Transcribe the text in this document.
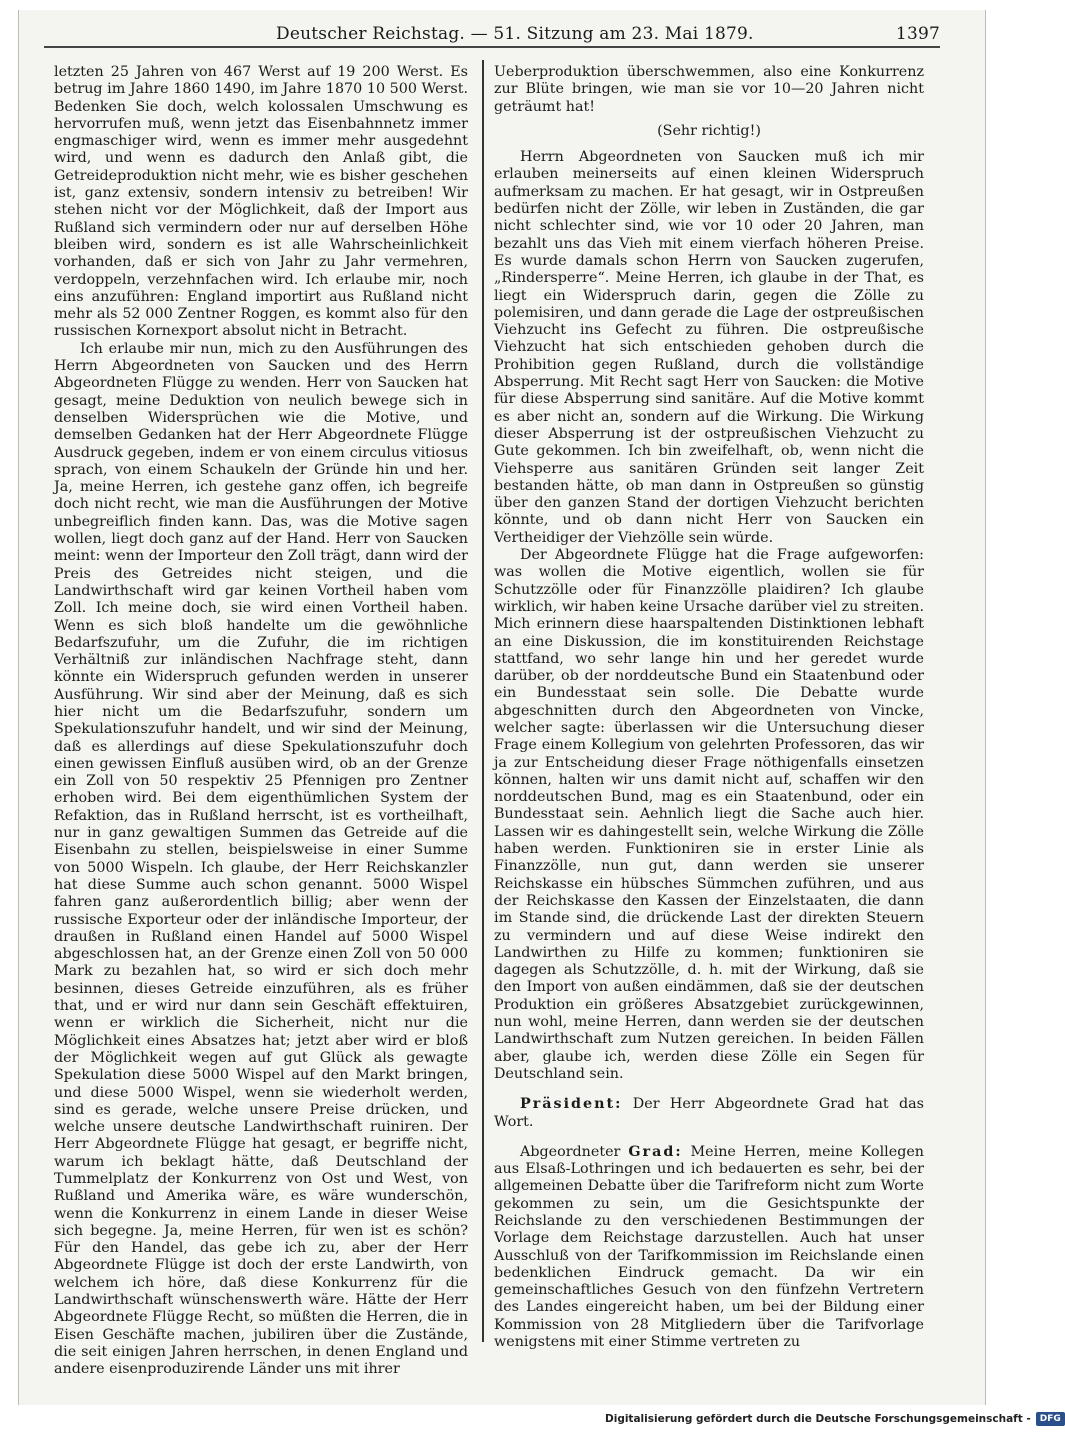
Deutscher Reichstag. — 51. Sitzung am 23. Mai 1879.	1397

letzten 25 Jahren von 467 Werst auf 19 200 Werst. Es betrug im Jahre 1860 1490, im Jahre 1870 10 500 Werst. Bedenken Sie doch, welch kolossalen Umschwung es hervorrufen muß, wenn jetzt das Eisenbahnnetz immer engmaschiger wird, wenn es immer mehr ausgedehnt wird, und wenn es dadurch den Anlaß gibt, die Getreideproduktion nicht mehr, wie es bisher geschehen ist, ganz extensiv, sondern intensiv zu betreiben! Wir stehen nicht vor der Möglichkeit, daß der Import aus Rußland sich vermindern oder nur auf derselben Höhe bleiben wird, sondern es ist alle Wahrscheinlichkeit vorhanden, daß er sich von Jahr zu Jahr vermehren, verdoppeln, verzehnfachen wird. Ich erlaube mir, noch eins anzuführen: England importirt aus Rußland nicht mehr als 52 000 Zentner Roggen, es kommt also für den russischen Kornexport absolut nicht in Betracht.

Ich erlaube mir nun, mich zu den Ausführungen des Herrn Abgeordneten von Saucken und des Herrn Abgeordneten Flügge zu wenden. Herr von Saucken hat gesagt, meine Deduktion von neulich bewege sich in denselben Widersprüchen wie die Motive, und demselben Gedanken hat der Herr Abgeordnete Flügge Ausdruck gegeben, indem er von einem circulus vitiosus sprach, von einem Schaukeln der Gründe hin und her. Ja, meine Herren, ich gestehe ganz offen, ich begreife doch nicht recht, wie man die Ausführungen der Motive unbegreiflich finden kann. Das, was die Motive sagen wollen, liegt doch ganz auf der Hand. Herr von Saucken meint: wenn der Importeur den Zoll trägt, dann wird der Preis des Getreides nicht steigen, und die Landwirthschaft wird gar keinen Vortheil haben vom Zoll. Ich meine doch, sie wird einen Vortheil haben. Wenn es sich bloß handelte um die gewöhnliche Bedarfszufuhr, um die Zufuhr, die im richtigen Verhältniß zur inländischen Nachfrage steht, dann könnte ein Widerspruch gefunden werden in unserer Ausführung. Wir sind aber der Meinung, daß es sich hier nicht um die Bedarfszufuhr, sondern um Spekulationszufuhr handelt, und wir sind der Meinung, daß es allerdings auf diese Spekulationszufuhr doch einen gewissen Einfluß ausüben wird, ob an der Grenze ein Zoll von 50 respektiv 25 Pfennigen pro Zentner erhoben wird. Bei dem eigenthümlichen System der Refaktion, das in Rußland herrscht, ist es vortheilhaft, nur in ganz gewaltigen Summen das Getreide auf die Eisenbahn zu stellen, beispielsweise in einer Summe von 5000 Wispeln. Ich glaube, der Herr Reichskanzler hat diese Summe auch schon genannt. 5000 Wispel fahren ganz außerordentlich billig; aber wenn der russische Exporteur oder der inländische Importeur, der draußen in Rußland einen Handel auf 5000 Wispel abgeschlossen hat, an der Grenze einen Zoll von 50 000 Mark zu bezahlen hat, so wird er sich doch mehr besinnen, dieses Getreide einzuführen, als es früher that, und er wird nur dann sein Geschäft effektuiren, wenn er wirklich die Sicherheit, nicht nur die Möglichkeit eines Absatzes hat; jetzt aber wird er bloß der Möglichkeit wegen auf gut Glück als gewagte Spekulation diese 5000 Wispel auf den Markt bringen, und diese 5000 Wispel, wenn sie wiederholt werden, sind es gerade, welche unsere Preise drücken, und welche unsere deutsche Landwirthschaft ruiniren. Der Herr Abgeordnete Flügge hat gesagt, er begriffe nicht, warum ich beklagt hätte, daß Deutschland der Tummelplatz der Konkurrenz von Ost und West, von Rußland und Amerika wäre, es wäre wunderschön, wenn die Konkurrenz in einem Lande in dieser Weise sich begegne. Ja, meine Herren, für wen ist es schön? Für den Handel, das gebe ich zu, aber der Herr Abgeordnete Flügge ist doch der erste Landwirth, von welchem ich höre, daß diese Konkurrenz für die Landwirthschaft wünschenswerth wäre. Hätte der Herr Abgeordnete Flügge Recht, so müßten die Herren, die in Eisen Geschäfte machen, jubiliren über die Zustände, die seit einigen Jahren herrschen, in denen England und andere eisenproduzirende Länder uns mit ihrer

Ueberproduktion überschwemmen, also eine Konkurrenz zur Blüte bringen, wie man sie vor 10—20 Jahren nicht geträumt hat!

(Sehr richtig!)

Herrn Abgeordneten von Saucken muß ich mir erlauben meinerseits auf einen kleinen Widerspruch aufmerksam zu machen. Er hat gesagt, wir in Ostpreußen bedürfen nicht der Zölle, wir leben in Zuständen, die gar nicht schlechter sind, wie vor 10 oder 20 Jahren, man bezahlt uns das Vieh mit einem vierfach höheren Preise. Es wurde damals schon Herrn von Saucken zugerufen, „Rindersperre“. Meine Herren, ich glaube in der That, es liegt ein Widerspruch darin, gegen die Zölle zu polemisiren, und dann gerade die Lage der ostpreußischen Viehzucht ins Gefecht zu führen. Die ostpreußische Viehzucht hat sich entschieden gehoben durch die Prohibition gegen Rußland, durch die vollständige Absperrung. Mit Recht sagt Herr von Saucken: die Motive für diese Absperrung sind sanitäre. Auf die Motive kommt es aber nicht an, sondern auf die Wirkung. Die Wirkung dieser Absperrung ist der ostpreußischen Viehzucht zu Gute gekommen. Ich bin zweifelhaft, ob, wenn nicht die Viehsperre aus sanitären Gründen seit langer Zeit bestanden hätte, ob man dann in Ostpreußen so günstig über den ganzen Stand der dortigen Viehzucht berichten könnte, und ob dann nicht Herr von Saucken ein Vertheidiger der Viehzölle sein würde.

Der Abgeordnete Flügge hat die Frage aufgeworfen: was wollen die Motive eigentlich, wollen sie für Schutzzölle oder für Finanzzölle plaidiren? Ich glaube wirklich, wir haben keine Ursache darüber viel zu streiten. Mich erinnern diese haarspaltenden Distinktionen lebhaft an eine Diskussion, die im konstituirenden Reichstage stattfand, wo sehr lange hin und her geredet wurde darüber, ob der norddeutsche Bund ein Staatenbund oder ein Bundesstaat sein solle. Die Debatte wurde abgeschnitten durch den Abgeordneten von Vincke, welcher sagte: überlassen wir die Untersuchung dieser Frage einem Kollegium von gelehrten Professoren, das wir ja zur Entscheidung dieser Frage nöthigenfalls einsetzen können, halten wir uns damit nicht auf, schaffen wir den norddeutschen Bund, mag es ein Staatenbund, oder ein Bundesstaat sein. Aehnlich liegt die Sache auch hier. Lassen wir es dahingestellt sein, welche Wirkung die Zölle haben werden. Funktioniren sie in erster Linie als Finanzzölle, nun gut, dann werden sie unserer Reichskasse ein hübsches Sümmchen zuführen, und aus der Reichskasse den Kassen der Einzelstaaten, die dann im Stande sind, die drückende Last der direkten Steuern zu vermindern und auf diese Weise indirekt den Landwirthen zu Hilfe zu kommen; funktioniren sie dagegen als Schutzzölle, d. h. mit der Wirkung, daß sie den Import von außen eindämmen, daß sie der deutschen Produktion ein größeres Absatzgebiet zurückgewinnen, nun wohl, meine Herren, dann werden sie der deutschen Landwirthschaft zum Nutzen gereichen. In beiden Fällen aber, glaube ich, werden diese Zölle ein Segen für Deutschland sein.

Präsident: Der Herr Abgeordnete Grad hat das Wort.

Abgeordneter Grad: Meine Herren, meine Kollegen aus Elsaß-Lothringen und ich bedauerten es sehr, bei der allgemeinen Debatte über die Tarifreform nicht zum Worte gekommen zu sein, um die Gesichtspunkte der Reichslande zu den verschiedenen Bestimmungen der Vorlage dem Reichstage darzustellen. Auch hat unser Ausschluß von der Tarifkommission im Reichslande einen bedenklichen Eindruck gemacht. Da wir ein gemeinschaftliches Gesuch von den fünfzehn Vertretern des Landes eingereicht haben, um bei der Bildung einer Kommission von 28 Mitgliedern über die Tarifvorlage wenigstens mit einer Stimme vertreten zu

Digitalisierung gefördert durch die Deutsche Forschungsgemeinschaft - DFG
